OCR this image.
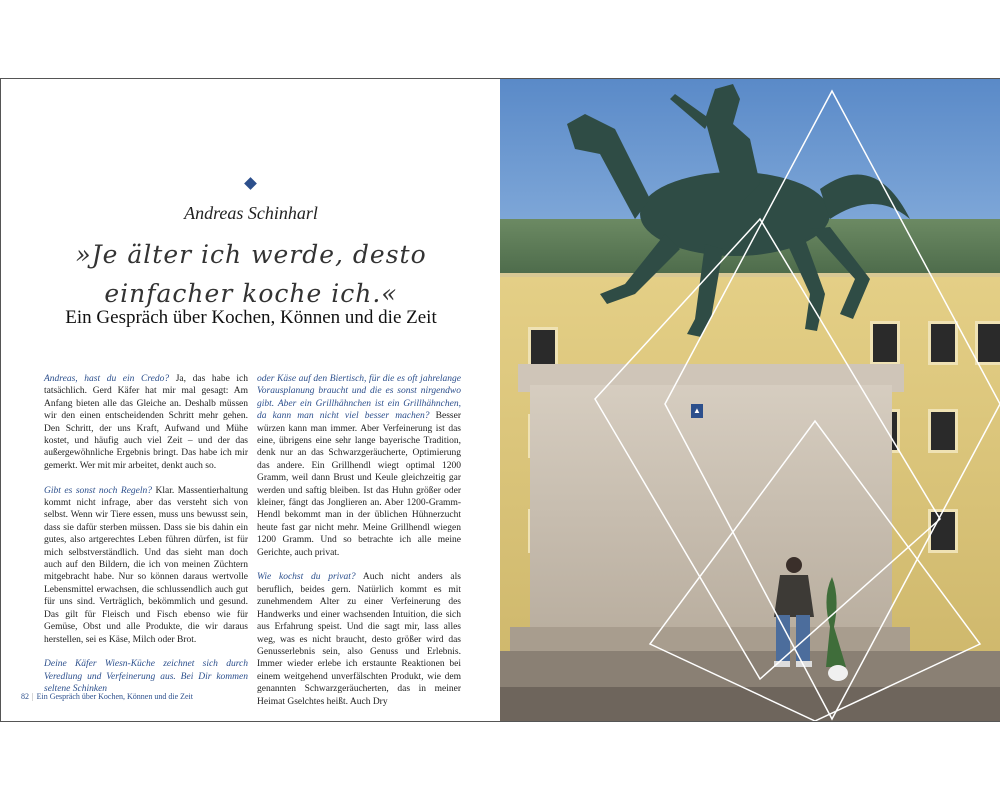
Andreas Schinharl
»Je älter ich werde, desto
einfacher koche ich.«
Ein Gespräch über Kochen, Können und die Zeit

Andreas, hast du ein Credo? Ja, das habe ich tatsächlich. Gerd Käfer hat mir mal gesagt: Am Anfang bieten alle das Gleiche an. Deshalb müssen wir den einen entscheidenden Schritt mehr gehen. Den Schritt, der uns Kraft, Aufwand und Mühe kostet, und häufig auch viel Zeit – und der das außergewöhnliche Ergebnis bringt. Das habe ich mir gemerkt. Wer mit mir arbeitet, denkt auch so.

Gibt es sonst noch Regeln? Klar. Massentierhaltung kommt nicht infrage, aber das versteht sich von selbst. Wenn wir Tiere essen, muss uns bewusst sein, dass sie dafür sterben müssen. Dass sie bis dahin ein gutes, also artgerechtes Leben führen dürfen, ist für mich selbstverständlich. Und das sieht man doch auch auf den Bildern, die ich von meinen Züchtern mitgebracht habe. Nur so können daraus wertvolle Lebensmittel erwachsen, die schlussendlich auch gut für uns sind. Verträglich, bekömmlich und gesund. Das gilt für Fleisch und Fisch ebenso wie für Gemüse, Obst und alle Produkte, die wir daraus herstellen, sei es Käse, Milch oder Brot.

Deine Käfer Wiesn-Küche zeichnet sich durch Veredlung und Verfeinerung aus. Bei Dir kommen seltene Schinken

oder Käse auf den Biertisch, für die es oft jahrelange Vorausplanung braucht und die es sonst nirgendwo gibt. Aber ein Grillhähnchen ist ein Grillhähnchen, da kann man nicht viel besser machen? Besser würzen kann man immer. Aber Verfeinerung ist das eine, übrigens eine sehr lange bayerische Tradition, denk nur an das Schwarzgeräucherte, Optimierung das andere. Ein Grillhendl wiegt optimal 1200 Gramm, weil dann Brust und Keule gleichzeitig gar werden und saftig bleiben. Ist das Huhn größer oder kleiner, fängt das Jonglieren an. Aber 1200-Gramm-Hendl bekommt man in der üblichen Hühnerzucht heute fast gar nicht mehr. Meine Grillhendl wiegen 1200 Gramm. Und so betrachte ich alle meine Gerichte, auch privat.

Wie kochst du privat? Auch nicht anders als beruflich, beides gern. Natürlich kommt es mit zunehmendem Alter zu einer Verfeinerung des Handwerks und einer wachsenden Intuition, die sich aus Erfahrung speist. Und die sagt mir, lass alles weg, was es nicht braucht, desto größer wird das Genusserlebnis sein, also Genuss und Erlebnis. Immer wieder erlebe ich erstaunte Reaktionen bei einem weitgehend unverfälschten Produkt, wie dem genannten Schwarzgeräucherten, das in meiner Heimat Gselchtes heißt. Auch Dry

82 | Ein Gespräch über Kochen, Können und die Zeit
▲
